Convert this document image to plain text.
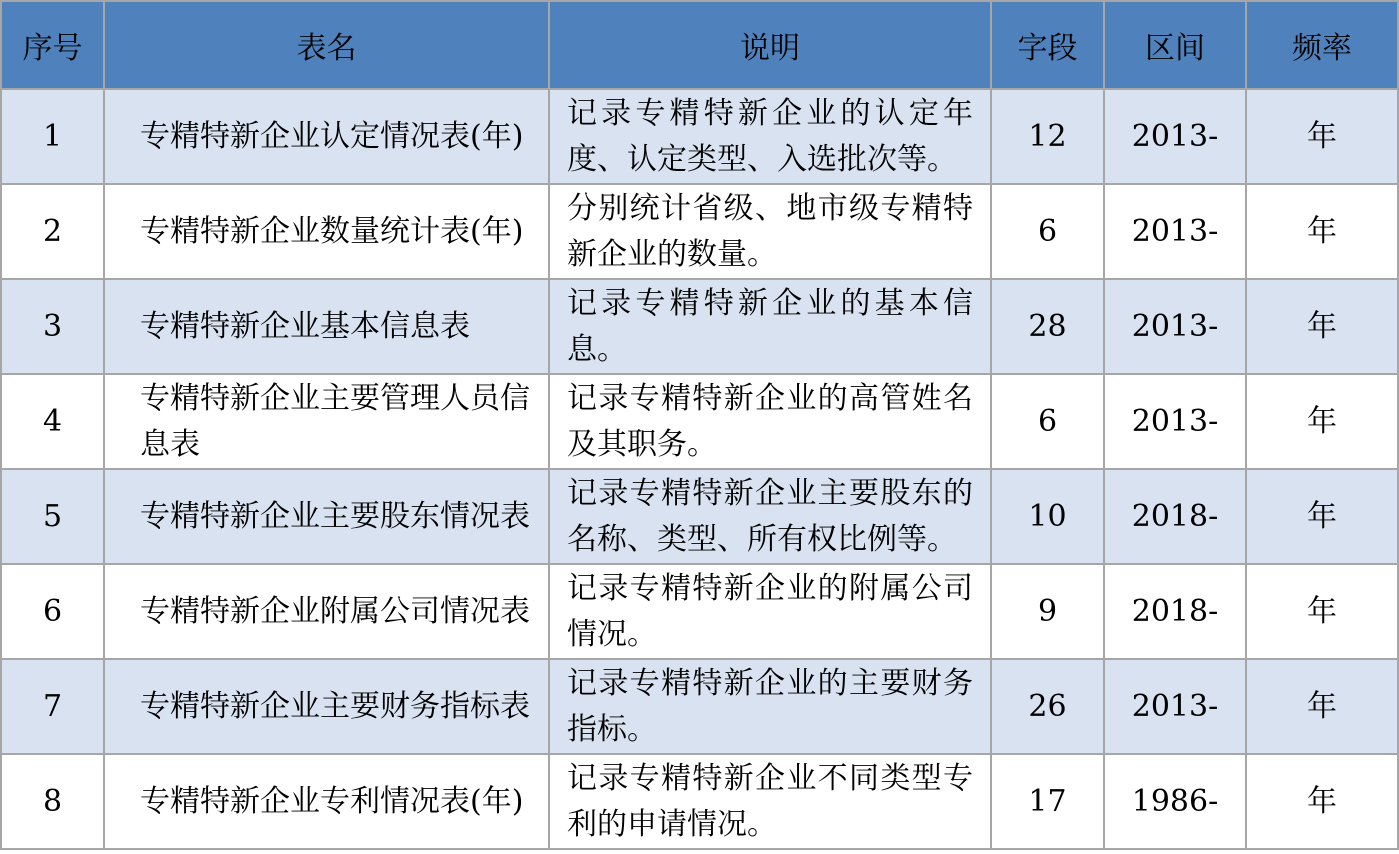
序号	表名	说明	字段	区间	频率
1	专精特新企业认定情况表(年)	记录专精特新企业的认定年度、认定类型、入选批次等。	12	2013-	年
2	专精特新企业数量统计表(年)	分别统计省级、地市级专精特新企业的数量。	6	2013-	年
3	专精特新企业基本信息表	记录专精特新企业的基本信息。	28	2013-	年
4	专精特新企业主要管理人员信息表	记录专精特新企业的高管姓名及其职务。	6	2013-	年
5	专精特新企业主要股东情况表	记录专精特新企业主要股东的名称、类型、所有权比例等。	10	2018-	年
6	专精特新企业附属公司情况表	记录专精特新企业的附属公司情况。	9	2018-	年
7	专精特新企业主要财务指标表	记录专精特新企业的主要财务指标。	26	2013-	年
8	专精特新企业专利情况表(年)	记录专精特新企业不同类型专利的申请情况。	17	1986-	年
